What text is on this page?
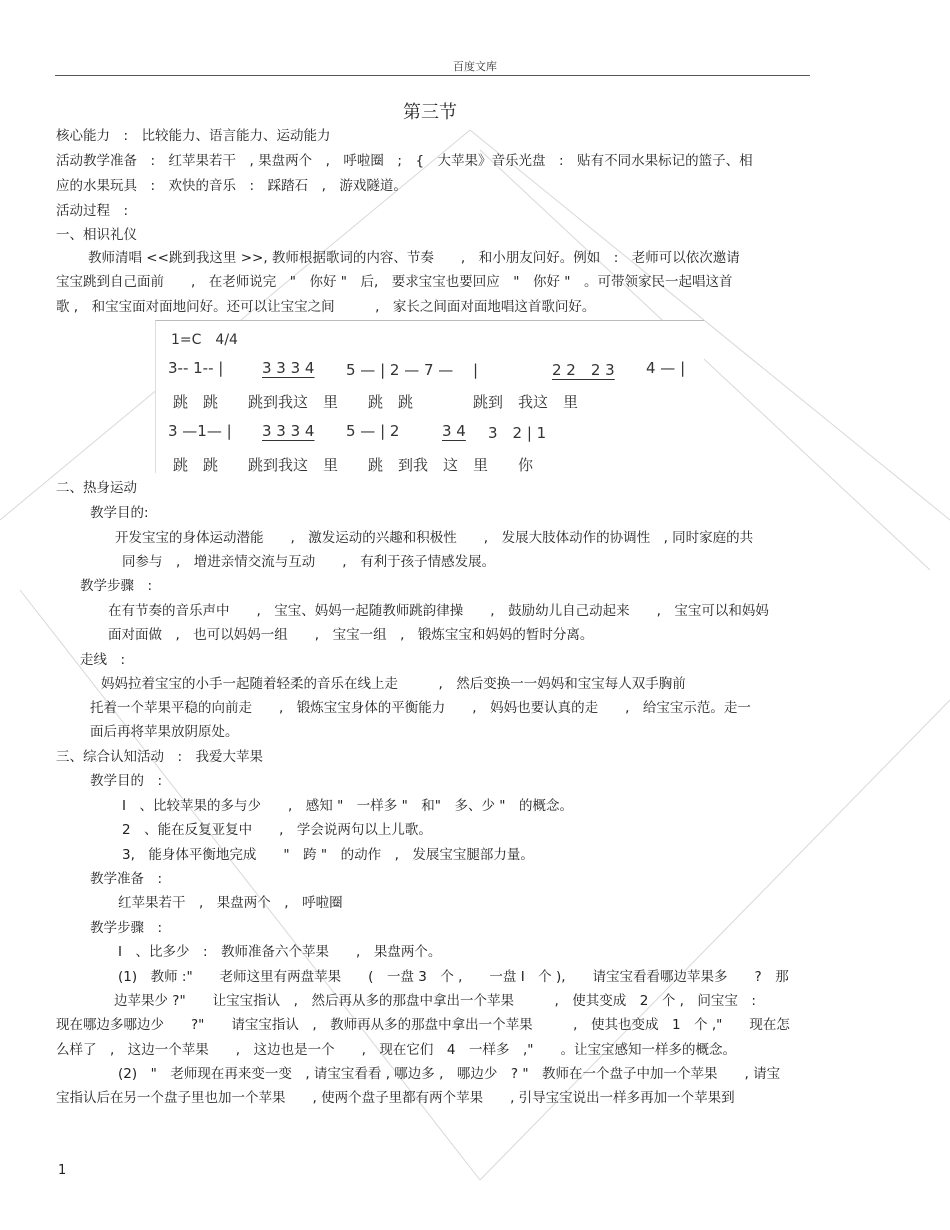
百度文库
第三节
核心能力　:　比较能力、语言能力、运动能力
活动教学准备　:　红苹果若干　, 果盘两个　,　呼啦圈　;　{　大苹果》音乐光盘　:　贴有不同水果标记的篮子、相
应的水果玩具　:　欢快的音乐　:　踩踏石　,　游戏隧道。
活动过程　:
一、相识礼仪
教师清唱 <<跳到我这里 >>, 教师根据歌词的内容、节奏　　,　和小朋友问好。例如　:　老师可以依次邀请
宝宝跳到自己面前　　,　在老师说完　"　你好 "　后,　要求宝宝也要回应　"　你好 "　。可带领家民一起唱这首
歌 ,　和宝宝面对面地问好。还可以让宝宝之间　　　,　家长之间面对面地唱这首歌问好。
1=C　4/4
3-- 1-- |	3 3 3 4 5 — | 2 — 7 —　 |	2 2　2 3 4 — |
跳　跳　　跳到我这　里　　跳　跳　　　　跳到　我这　里
3 —1— | 3 3 3 4 5 — | 2	3 4 3　2 | 1
跳　跳　　跳到我这　里　　跳　到我　这　里　　你
二、热身运动
教学目的:
开发宝宝的身体运动潜能　　,　激发运动的兴趣和积极性　　,　发展大肢体动作的协调性　, 同时家庭的共
同参与　,　增进亲情交流与互动　　,　有利于孩子情感发展。
教学步骤　:
在有节奏的音乐声中　　,　宝宝、妈妈一起随教师跳韵律操　　,　鼓励幼儿自己动起来　　,　宝宝可以和妈妈
面对面做　,　也可以妈妈一组　　,　宝宝一组　,　锻炼宝宝和妈妈的暂时分离。
走线　:
妈妈拉着宝宝的小手一起随着轻柔的音乐在线上走　　　,　然后变换一一妈妈和宝宝每人双手胸前
托着一个苹果平稳的向前走　　,　锻炼宝宝身体的平衡能力　　,　妈妈也要认真的走　　,　给宝宝示范。走一
面后再将苹果放阴原处。
三、综合认知活动　:　我爱大苹果
教学目的　:
I　、比较苹果的多与少　　,　感知 "　一样多 "　和"　多、少 "　的概念。
2　、能在反复亚复中　　,　学会说两句以上儿歌。
3,　能身体平衡地完成　　"　跨 "　的动作　,　发展宝宝腿部力量。
教学准备　:
红苹果若干　,　果盘两个　,　呼啦圈
教学步骤　:
I　、比多少　:　教师准备六个苹果　　,　果盘两个。
(1)　教师 :"　　老师这里有两盘苹果　　(　一盘 3　个 ,　　一盘 I　个 ),　　请宝宝看看哪边苹果多　　?　那
边苹果少 ?"　　让宝宝指认　,　然后再从多的那盘中拿出一个苹果　　　,　使其变成　2　个 ,　问宝宝　:
现在哪边多哪边少　　?"　　请宝宝指认　,　教师再从多的那盘中拿出一个苹果　　　,　使其也变成　1　个 ,"　　现在怎
么样了　,　这边一个苹果　　,　这边也是一个　　,　现在它们　4　一样多　,"　　。让宝宝感知一样多的概念。
(2)　"　老师现在再来变一变　, 请宝宝看看 , 哪边多 ,　哪边少　? "　教师在一个盘子中加一个苹果　　, 请宝
宝指认后在另一个盘子里也加一个苹果　　, 使两个盘子里都有两个苹果　　, 引导宝宝说出一样多再加一个苹果到
1
